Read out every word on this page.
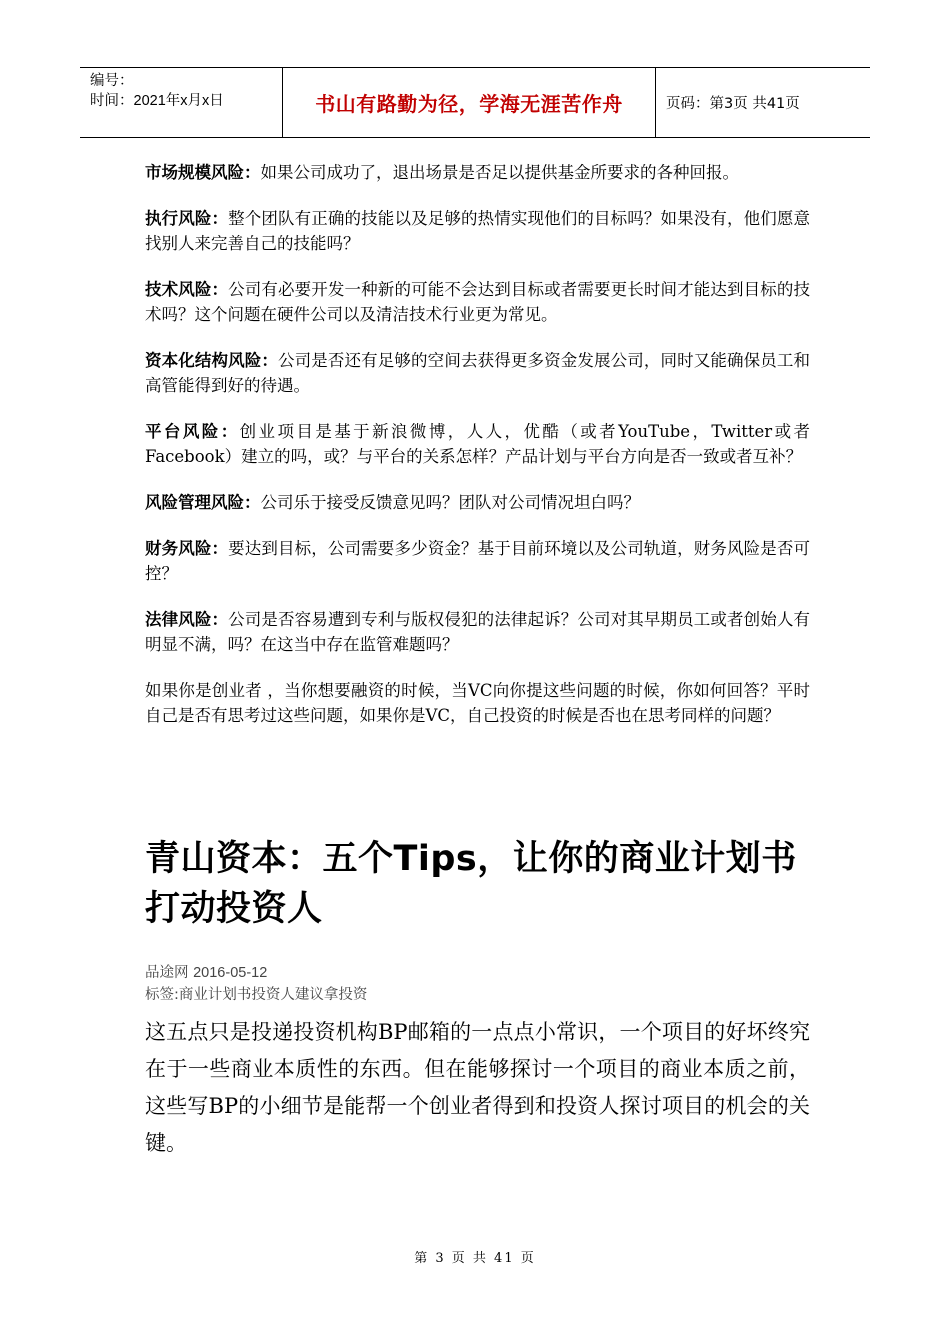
编号：
时间：2021年x月x日	书山有路勤为径，学海无涯苦作舟	页码：第3页 共41页

市场规模风险：如果公司成功了，退出场景是否足以提供基金所要求的各种回报。

执行风险：整个团队有正确的技能以及足够的热情实现他们的目标吗？如果没有，他们愿意找别人来完善自己的技能吗？

技术风险：公司有必要开发一种新的可能不会达到目标或者需要更长时间才能达到目标的技术吗？这个问题在硬件公司以及清洁技术行业更为常见。

资本化结构风险：公司是否还有足够的空间去获得更多资金发展公司，同时又能确保员工和高管能得到好的待遇。

平台风险：创业项目是基于新浪微博，人人，优酷（或者YouTube，Twitter或者Facebook）建立的吗，或？与平台的关系怎样？产品计划与平台方向是否一致或者互补？

风险管理风险：公司乐于接受反馈意见吗？团队对公司情况坦白吗？

财务风险：要达到目标，公司需要多少资金？基于目前环境以及公司轨道，财务风险是否可控？

法律风险：公司是否容易遭到专利与版权侵犯的法律起诉？公司对其早期员工或者创始人有明显不满，吗？在这当中存在监管难题吗？

如果你是创业者 ，当你想要融资的时候，当VC向你提这些问题的时候，你如何回答？平时自己是否有思考过这些问题，如果你是VC，自己投资的时候是否也在思考同样的问题？

青山资本：五个Tips，让你的商业计划书打动投资人
品途网 2016-05-12
标签:商业计划书投资人建议拿投资
这五点只是投递投资机构BP邮箱的一点点小常识，一个项目的好坏终究在于一些商业本质性的东西。但在能够探讨一个项目的商业本质之前，这些写BP的小细节是能帮一个创业者得到和投资人探讨项目的机会的关键。
第 3 页 共 41 页
